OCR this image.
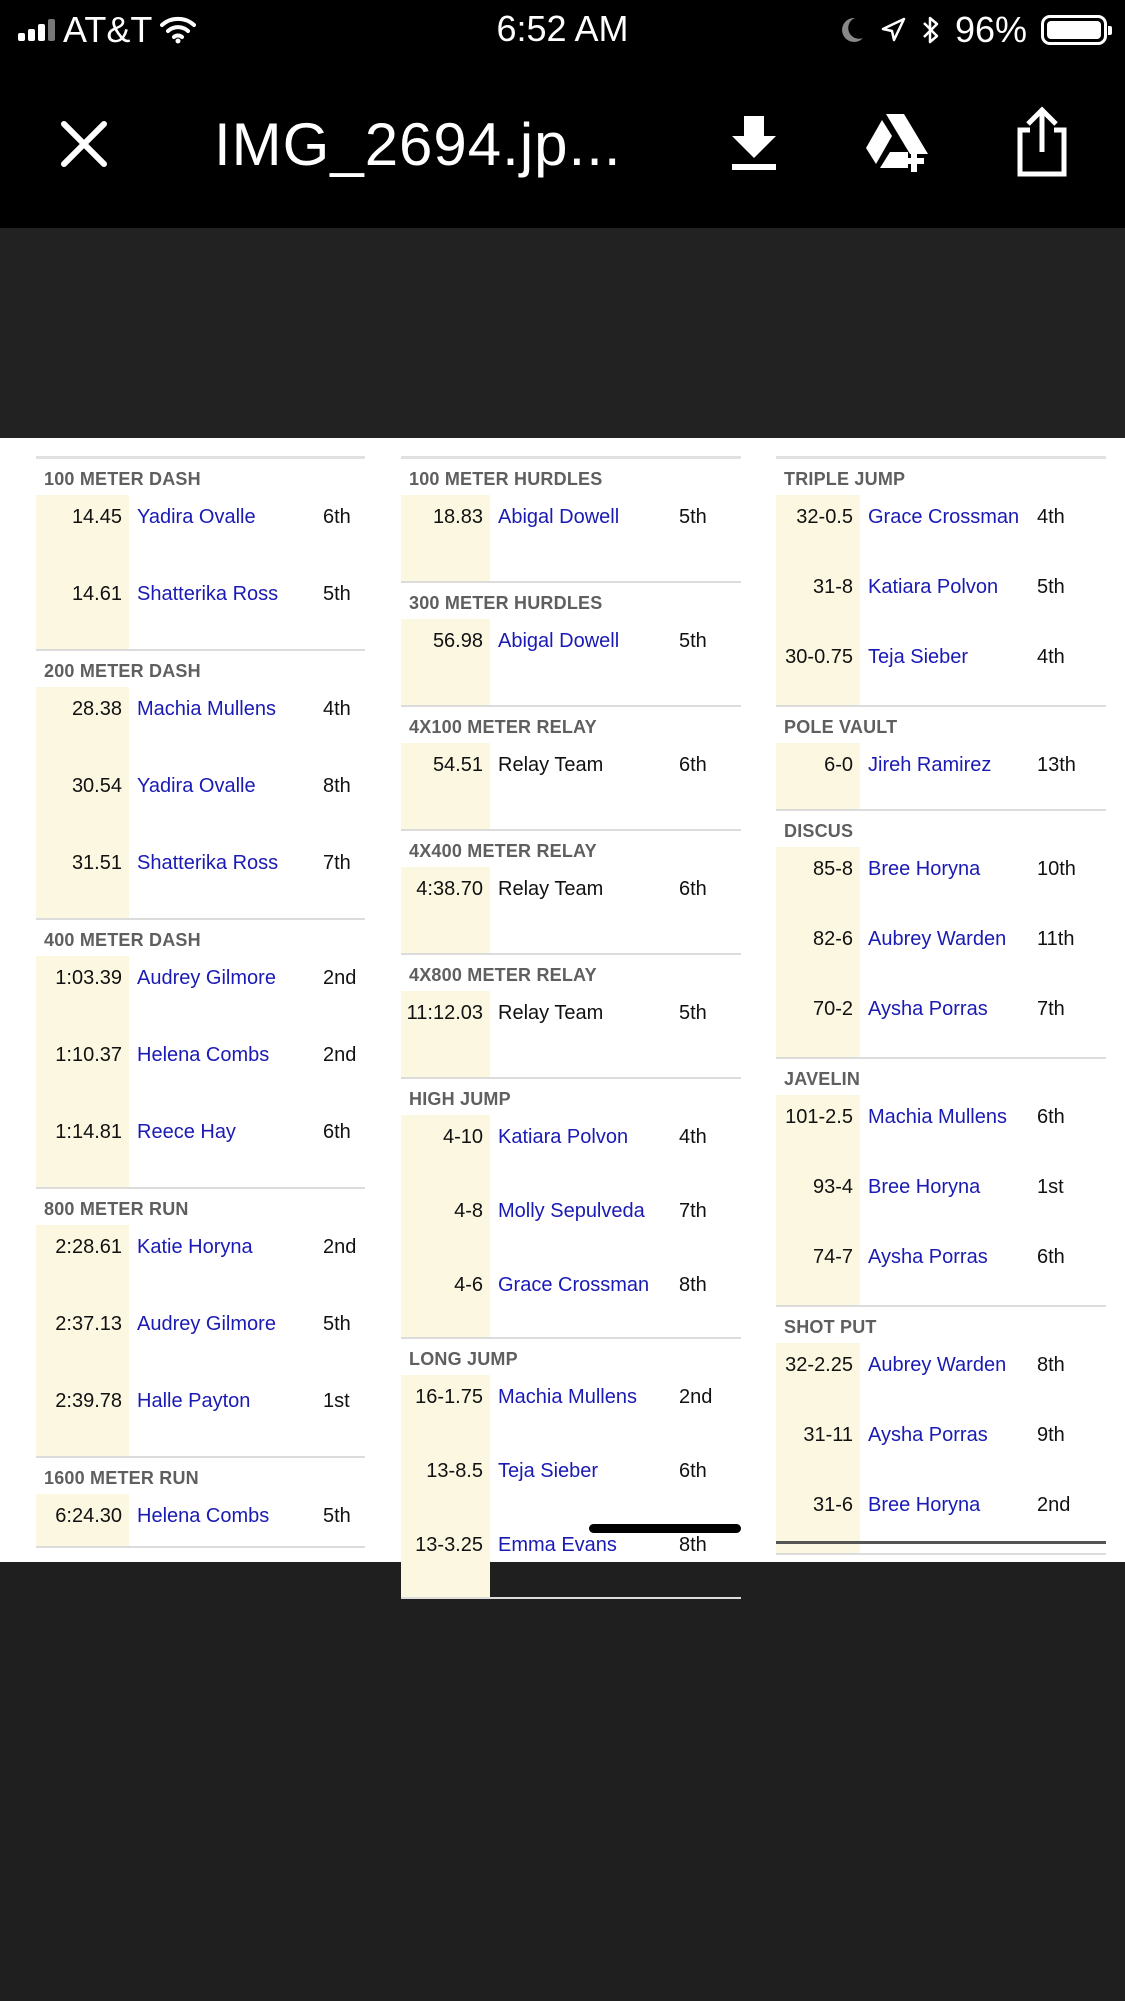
AT&T	6:52 AM	96%
IMG_2694.jp...
100 METER DASH
14.45 Yadira Ovalle	6th
14.61 Shatterika Ross 5th
200 METER DASH
28.38 Machia Mullens 4th
30.54 Yadira Ovalle	8th
31.51 Shatterika Ross 7th
400 METER DASH
1:03.39 Audrey Gilmore 2nd
1:10.37 Helena Combs	2nd
1:14.81 Reece Hay	6th
800 METER RUN
2:28.61 Katie Horyna	2nd
2:37.13 Audrey Gilmore 5th
2:39.78 Halle Payton	1st
1600 METER RUN
6:24.30 Helena Combs	5th
100 METER HURDLES
18.83 Abigal Dowell	5th
300 METER HURDLES
56.98 Abigal Dowell	5th
4X100 METER RELAY
54.51 Relay Team	6th
4X400 METER RELAY
4:38.70 Relay Team	6th
4X800 METER RELAY
11:12.03 Relay Team	5th
HIGH JUMP
4-10 Katiara Polvon	4th
4-8 Molly Sepulveda 7th
4-6 Grace Crossman 8th
LONG JUMP
16-1.75 Machia Mullens 2nd
13-8.5 Teja Sieber	6th
13-3.25 Emma Evans	8th
TRIPLE JUMP
32-0.5 Grace Crossman 4th
31-8 Katiara Polvon 5th
30-0.75 Teja Sieber	4th
POLE VAULT
6-0 Jireh Ramirez 13th
DISCUS
85-8 Bree Horyna	10th
82-6 Aubrey Warden 11th
70-2 Aysha Porras 7th
JAVELIN
101-2.5 Machia Mullens 6th
93-4 Bree Horyna	1st
74-7 Aysha Porras 6th
SHOT PUT
32-2.25 Aubrey Warden 8th
31-11 Aysha Porras 9th
31-6 Bree Horyna	2nd
